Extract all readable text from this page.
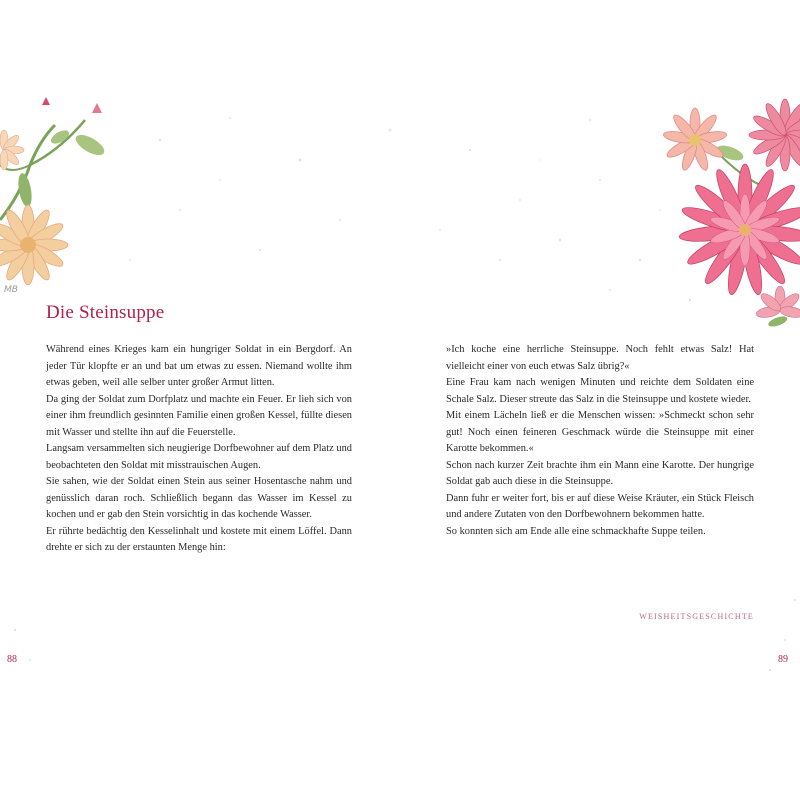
MB
Die Steinsuppe

Während eines Krieges kam ein hungriger Soldat in ein Bergdorf. An jeder Tür klopfte er an und bat um etwas zu essen. Niemand wollte ihm etwas geben, weil alle selber unter großer Armut litten.

Da ging der Soldat zum Dorfplatz und machte ein Feuer. Er lieh sich von einer ihm freundlich gesinnten Familie einen großen Kessel, füllte diesen mit Wasser und stellte ihn auf die Feuerstelle.

Langsam versammelten sich neugierige Dorfbewohner auf dem Platz und beobachteten den Soldat mit misstrauischen Augen.

Sie sahen, wie der Soldat einen Stein aus seiner Hosentasche nahm und genüsslich daran roch. Schließlich begann das Wasser im Kessel zu kochen und er gab den Stein vorsichtig in das kochende Wasser.

Er rührte bedächtig den Kesselinhalt und kostete mit einem Löffel. Dann drehte er sich zu der erstaunten Menge hin:

»Ich koche eine herrliche Steinsuppe. Noch fehlt etwas Salz! Hat vielleicht einer von euch etwas Salz übrig?«

Eine Frau kam nach wenigen Minuten und reichte dem Soldaten eine Schale Salz. Dieser streute das Salz in die Steinsuppe und kostete wieder.

Mit einem Lächeln ließ er die Menschen wissen: »Schmeckt schon sehr gut! Noch einen feineren Geschmack würde die Steinsuppe mit einer Karotte bekommen.«

Schon nach kurzer Zeit brachte ihm ein Mann eine Karotte. Der hungrige Soldat gab auch diese in die Steinsuppe.

Dann fuhr er weiter fort, bis er auf diese Weise Kräuter, ein Stück Fleisch und andere Zutaten von den Dorfbewohnern bekommen hatte.

So konnten sich am Ende alle eine schmackhafte Suppe teilen.

WEISHEITSGESCHICHTE
88	89
